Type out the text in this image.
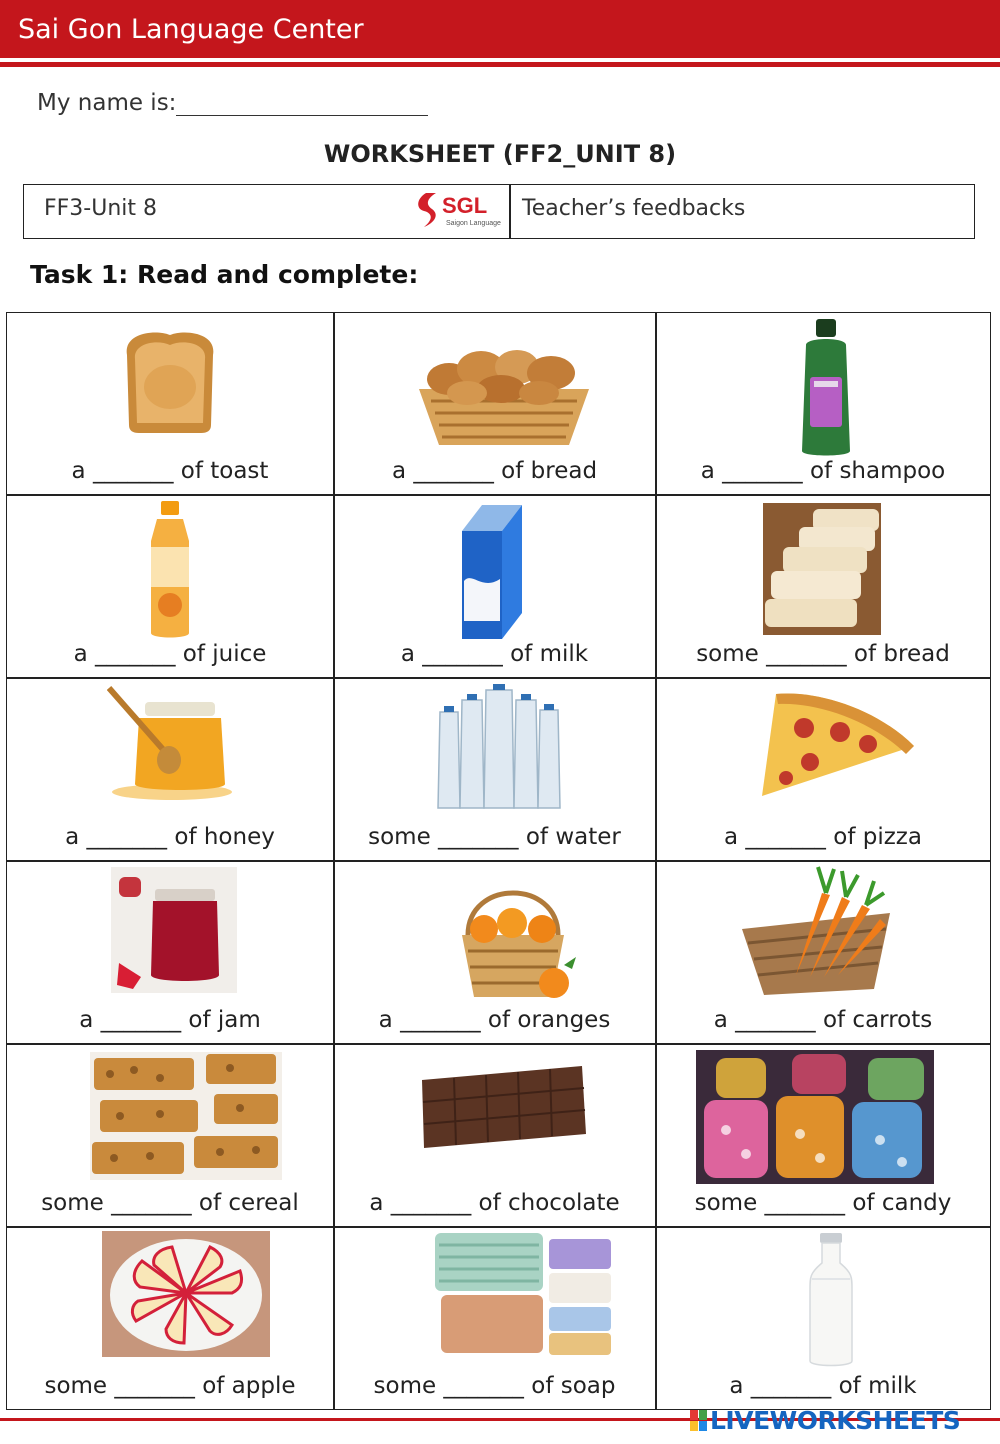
Sai Gon Language Center
My name is:
WORKSHEET (FF2_UNIT 8)
FF3-Unit 8	SGL
Saigon Language
Teacher’s feedbacks
Task 1: Read and complete:
a _______ of toast	a _______ of bread	a _______ of shampoo
a _______ of juice	a _______ of milk	some _______ of bread
a _______ of honey	some _______ of water	a _______ of pizza
a _______ of jam	a _______ of oranges	a _______ of carrots
some _______ of cereal	a _______ of chocolate	some _______ of candy
some _______ of apple	some _______ of soap	a _______ of milk
LIVEWORKSHEETS
